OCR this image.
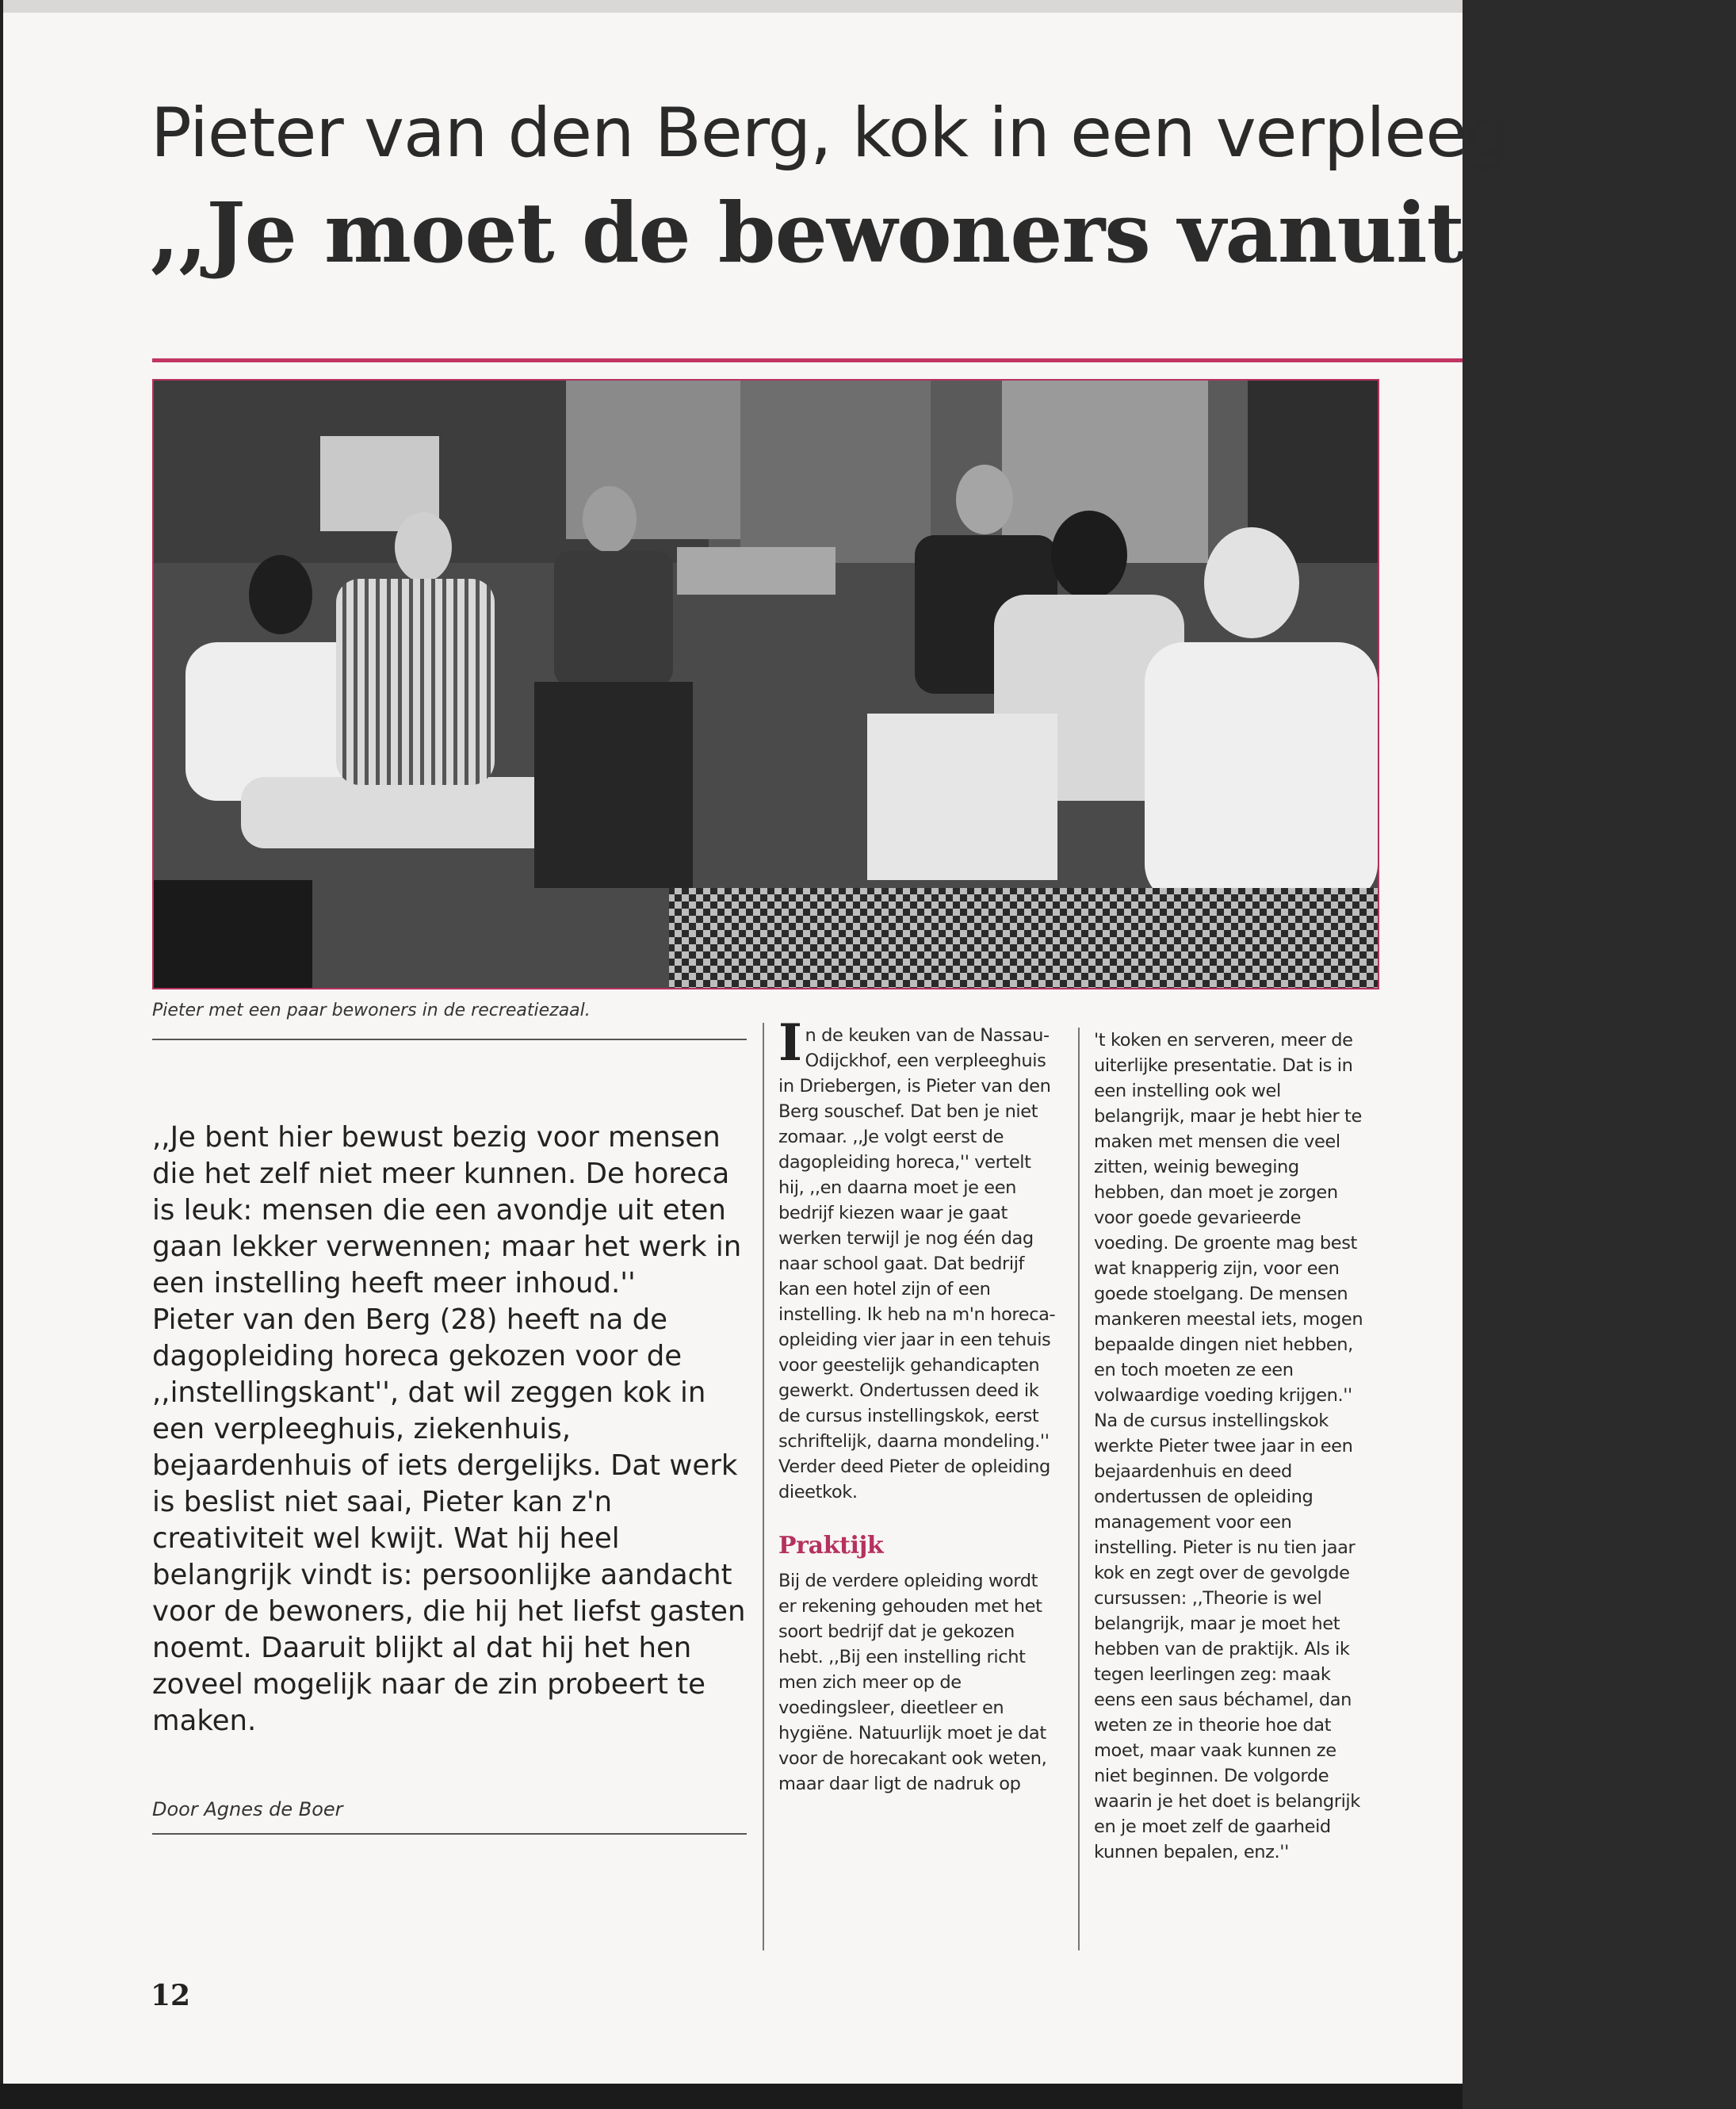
Pieter van den Berg, kok in een verpleeg
,,Je moet de bewoners vanuit de ke
Pieter met een paar bewoners in de recreatiezaal.

,,Je bent hier bewust bezig voor mensen die het zelf niet meer kunnen. De horeca is leuk: mensen die een avondje uit eten gaan lekker verwennen; maar het werk in een instelling heeft meer inhoud.''

Pieter van den Berg (28) heeft na de dagopleiding horeca gekozen voor de ,,instellingskant'', dat wil zeggen kok in een verpleeghuis, ziekenhuis, bejaardenhuis of iets dergelijks. Dat werk is beslist niet saai, Pieter kan z'n creativiteit wel kwijt. Wat hij heel belangrijk vindt is: persoonlijke aandacht voor de bewoners, die hij het liefst gasten noemt. Daaruit blijkt al dat hij het hen zoveel mogelijk naar de zin probeert te maken.

Door Agnes de Boer

In de keuken van de Nassau-Odijckhof, een verpleeghuis in Driebergen, is Pieter van den Berg souschef. Dat ben je niet zomaar. ,,Je volgt eerst de dagopleiding horeca,'' vertelt hij, ,,en daarna moet je een bedrijf kiezen waar je gaat werken terwijl je nog één dag naar school gaat. Dat bedrijf kan een hotel zijn of een instelling. Ik heb na m'n horeca-opleiding vier jaar in een tehuis voor geestelijk gehandicapten gewerkt. Ondertussen deed ik de cursus instellingskok, eerst schriftelijk, daarna mondeling.'' Verder deed Pieter de opleiding dieetkok.

Praktijk

Bij de verdere opleiding wordt er rekening gehouden met het soort bedrijf dat je gekozen hebt. ,,Bij een instelling richt men zich meer op de voedingsleer, dieetleer en hygiëne. Natuurlijk moet je dat voor de horecakant ook weten, maar daar ligt de nadruk op

't koken en serveren, meer de uiterlijke presentatie. Dat is in een instelling ook wel belangrijk, maar je hebt hier te maken met mensen die veel zitten, weinig beweging hebben, dan moet je zorgen voor goede gevarieerde voeding. De groente mag best wat knapperig zijn, voor een goede stoelgang. De mensen mankeren meestal iets, mogen bepaalde dingen niet hebben, en toch moeten ze een volwaardige voeding krijgen.'' Na de cursus instellingskok werkte Pieter twee jaar in een bejaardenhuis en deed ondertussen de opleiding management voor een instelling. Pieter is nu tien jaar kok en zegt over de gevolgde cursussen: ,,Theorie is wel belangrijk, maar je moet het hebben van de praktijk. Als ik tegen leerlingen zeg: maak eens een saus béchamel, dan weten ze in theorie hoe dat moet, maar vaak kunnen ze niet beginnen. De volgorde waarin je het doet is belangrijk en je moet zelf de gaarheid kunnen bepalen, enz.''

12
